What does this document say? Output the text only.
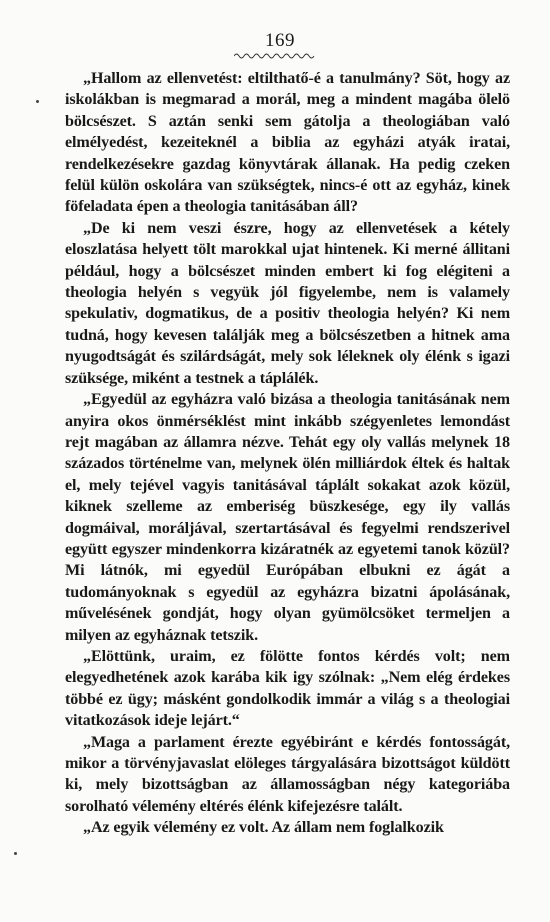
169

„Hallom az ellenvetést: eltilthatő-é a tanulmány? Söt, hogy az iskolákban is megmarad a morál, meg a mindent magába ölelö bölcsészet. S aztán senki sem gátolja a theologiában való elmélyedést, kezeiteknél a biblia az egyházi atyák iratai, rendelkezésekre gazdag könyvtárak állanak. Ha pedig czeken felül külön oskolára van szükségtek, nincs-é ott az egyház, kinek föfeladata épen a theologia tanitásában áll?

„De ki nem veszi észre, hogy az ellenvetések a kétely eloszlatása helyett tölt marokkal ujat hintenek. Ki merné állitani például, hogy a bölcsészet minden embert ki fog elégiteni a theologia helyén s vegyük jól figyelembe, nem is valamely spekulativ, dogmatikus, de a positiv theologia helyén? Ki nem tudná, hogy kevesen találják meg a bölcsészetben a hitnek ama nyugodtságát és szilárdságát, mely sok léleknek oly élénk s igazi szüksége, miként a testnek a táplálék.

„Egyedül az egyházra való bizása a theologia tanitásának nem anyira okos önmérséklést mint inkább szégyenletes lemondást rejt magában az államra nézve. Tehát egy oly vallás melynek 18 százados történelme van, melynek ölén milliárdok éltek és haltak el, mely tejével vagyis tanitásával táplált sokakat azok közül, kiknek szelleme az emberiség büszkesége, egy ily vallás dogmáival, moráljával, szertartásával és fegyelmi rendszerivel együtt egyszer mindenkorra kizáratnék az egyetemi tanok közül? Mi látnók, mi egyedül Európában elbukni ez ágát a tudományoknak s egyedül az egyházra bizatni ápolásának, művelésének gondját, hogy olyan gyümölcsöket termeljen a milyen az egyháznak tetszik.

„Elöttünk, uraim, ez fölötte fontos kérdés volt; nem elegyedhetének azok karába kik igy szólnak: „Nem elég érdekes többé ez ügy; másként gondolkodik immár a világ s a theologiai vitatkozások ideje lejárt.“

„Maga a parlament érezte egyébiránt e kérdés fontosságát, mikor a törvényjavaslat elöleges tárgyalására bizottságot küldött ki, mely bizottságban az államosságban négy kategoriába sorolható vélemény eltérés élénk kifejezésre talált.

„Az egyik vélemény ez volt. Az állam nem foglalkozik
